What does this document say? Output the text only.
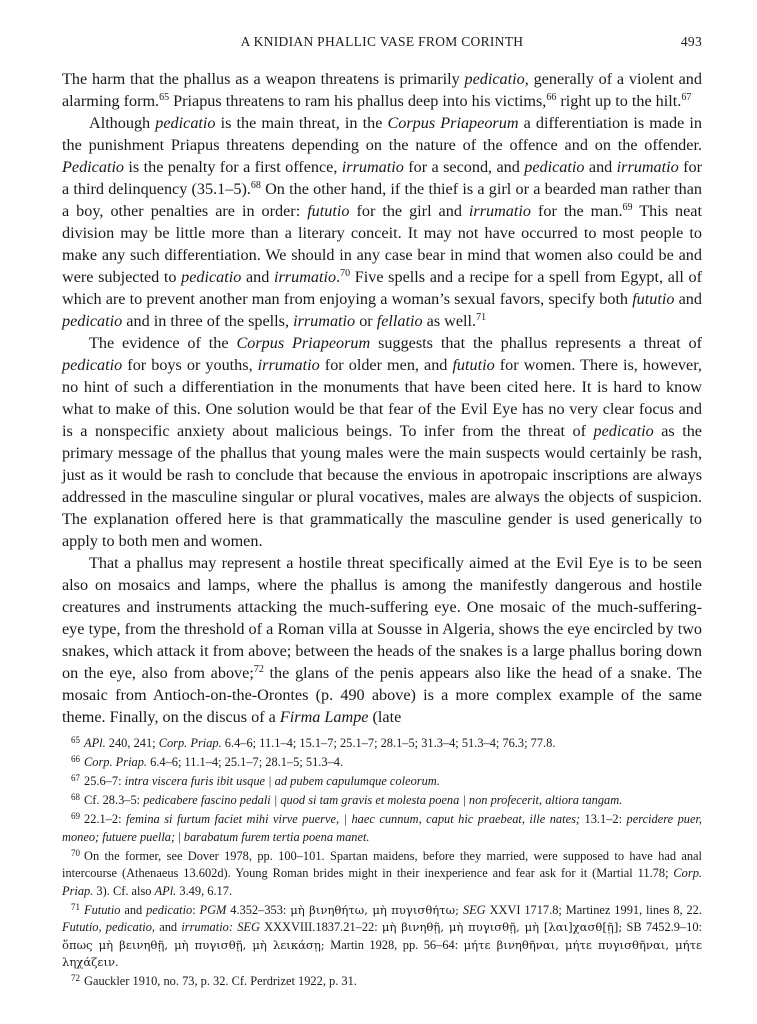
A KNIDIAN PHALLIC VASE FROM CORINTH	493

The harm that the phallus as a weapon threatens is primarily pedicatio, generally of a violent and alarming form.$^{65}$ Priapus threatens to ram his phallus deep into his victims,$^{66}$ right up to the hilt.$^{67}$

Although pedicatio is the main threat, in the Corpus Priapeorum a differentiation is made in the punishment Priapus threatens depending on the nature of the offence and on the offender. Pedicatio is the penalty for a first offence, irrumatio for a second, and pedicatio and irrumatio for a third delinquency (35.1–5).$^{68}$ On the other hand, if the thief is a girl or a bearded man rather than a boy, other penalties are in order: fututio for the girl and irrumatio for the man.$^{69}$ This neat division may be little more than a literary conceit. It may not have occurred to most people to make any such differentiation. We should in any case bear in mind that women also could be and were subjected to pedicatio and irrumatio.$^{70}$ Five spells and a recipe for a spell from Egypt, all of which are to prevent another man from enjoying a woman’s sexual favors, specify both fututio and pedicatio and in three of the spells, irrumatio or fellatio as well.$^{71}$

The evidence of the Corpus Priapeorum suggests that the phallus represents a threat of pedicatio for boys or youths, irrumatio for older men, and fututio for women. There is, however, no hint of such a differentiation in the monuments that have been cited here. It is hard to know what to make of this. One solution would be that fear of the Evil Eye has no very clear focus and is a nonspecific anxiety about malicious beings. To infer from the threat of pedicatio as the primary message of the phallus that young males were the main suspects would certainly be rash, just as it would be rash to conclude that because the envious in apotropaic inscriptions are always addressed in the masculine singular or plural vocatives, males are always the objects of suspicion. The explanation offered here is that grammatically the masculine gender is used generically to apply to both men and women.

That a phallus may represent a hostile threat specifically aimed at the Evil Eye is to be seen also on mosaics and lamps, where the phallus is among the manifestly dangerous and hostile creatures and instruments attacking the much-suffering eye. One mosaic of the much-suffering-eye type, from the threshold of a Roman villa at Sousse in Algeria, shows the eye encircled by two snakes, which attack it from above; between the heads of the snakes is a large phallus boring down on the eye, also from above;$^{72}$ the glans of the penis appears also like the head of a snake. The mosaic from Antioch-on-the-Orontes (p. 490 above) is a more complex example of the same theme. Finally, on the discus of a Firma Lampe (late

$^{65}$ APl. 240, 241; Corp. Priap. 6.4–6; 11.1–4; 15.1–7; 25.1–7; 28.1–5; 31.3–4; 51.3–4; 76.3; 77.8.

$^{66}$ Corp. Priap. 6.4–6; 11.1–4; 25.1–7; 28.1–5; 51.3–4.

$^{67}$ 25.6–7: intra viscera furis ibit usque | ad pubem capulumque coleorum.

$^{68}$ Cf. 28.3–5: pedicabere fascino pedali | quod si tam gravis et molesta poena | non profecerit, altiora tangam.

$^{69}$ 22.1–2: femina si furtum faciet mihi virve puerve, | haec cunnum, caput hic praebeat, ille nates; 13.1–2: percidere puer, moneo; futuere puella; | barabatum furem tertia poena manet.

$^{70}$ On the former, see Dover 1978, pp. 100–101. Spartan maidens, before they married, were supposed to have had anal intercourse (Athenaeus 13.602d). Young Roman brides might in their inexperience and fear ask for it (Martial 11.78; Corp. Priap. 3). Cf. also APl. 3.49, 6.17.

$^{71}$ Fututio and pedicatio: PGM 4.352–353: μὴ βινηθήτω, μὴ πυγισθήτω; SEG XXVI 1717.8; Martinez 1991, lines 8, 22. Fututio, pedicatio, and irrumatio: SEG XXXVIII.1837.21–22: μὴ βινηθῇ, μὴ πυγισθῇ, μὴ [λαι]χασθ[ῇ]; SB 7452.9–10: ὅπως μὴ βεινηθῇ, μὴ πυγισθῇ, μὴ λεικάσῃ; Martin 1928, pp. 56–64: μήτε βινηθῆναι, μήτε πυγισθῆναι, μήτε ληχάζειν.

$^{72}$ Gauckler 1910, no. 73, p. 32. Cf. Perdrizet 1922, p. 31.
